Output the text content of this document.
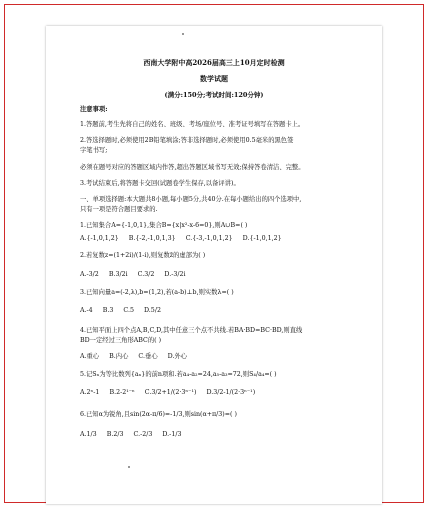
西南大学附中高2026届高三上10月定时检测
数学试题
(满分:150分;考试时间:120分钟)
注意事项:
1.答题前,考生先将自己的姓名、班级、考场/座位号、准考证号填写在答题卡上。
2.答选择题时,必须使用2B铅笔填涂;答非选择题时,必须使用0.5毫米的黑色签
字笔书写;
必须在题号对应的答题区域内作答,超出答题区域书写无效;保持答卷清洁、完整。
3.考试结束后,将答题卡交回(试题卷学生保存,以备评讲)。
一、单项选择题:本大题共8小题,每小题5分,共40分.在每小题给出的四个选项中,
只有一项是符合题目要求的.
1.已知集合A={-1,0,1},集合B={x|x²-x-6=0},则A∪B=( )
A.{-1,0,1,2} B.{-2,-1,0,1,3} C.{-3,-1,0,1,2} D.{-1,0,1,2}
2.若复数z=(1+2i)/(1-i),则复数z̄的虚部为( )
A.-3/2 B.3/2i C.3/2 D.-3/2i
3.已知向量a=(-2,λ),b=(1,2),若(a-b)⊥b,则实数λ=( )
A.-4 B.3 C.5 D.5/2
4.已知平面上四个点A,B,C,D,其中任意三个点不共线.若BA·BD=BC·BD,则直线
BD一定经过三角形ABC的( )
A.重心 B.内心 C.垂心 D.外心
5.记Sₙ为等比数列{aₙ}的前n项和.若a₄-a₂=24,a₅-a₃=72,则S₄/a₄=( )
A.2ⁿ-1 B.2-2¹⁻ⁿ C.3/2+1/(2·3ⁿ⁻¹) D.3/2-1/(2·3ⁿ⁻¹)
6.已知α为锐角,且sin(2α-π/6)=-1/3,则sin(α+π/3)=( )
A.1/3 B.2/3 C.-2/3 D.-1/3
